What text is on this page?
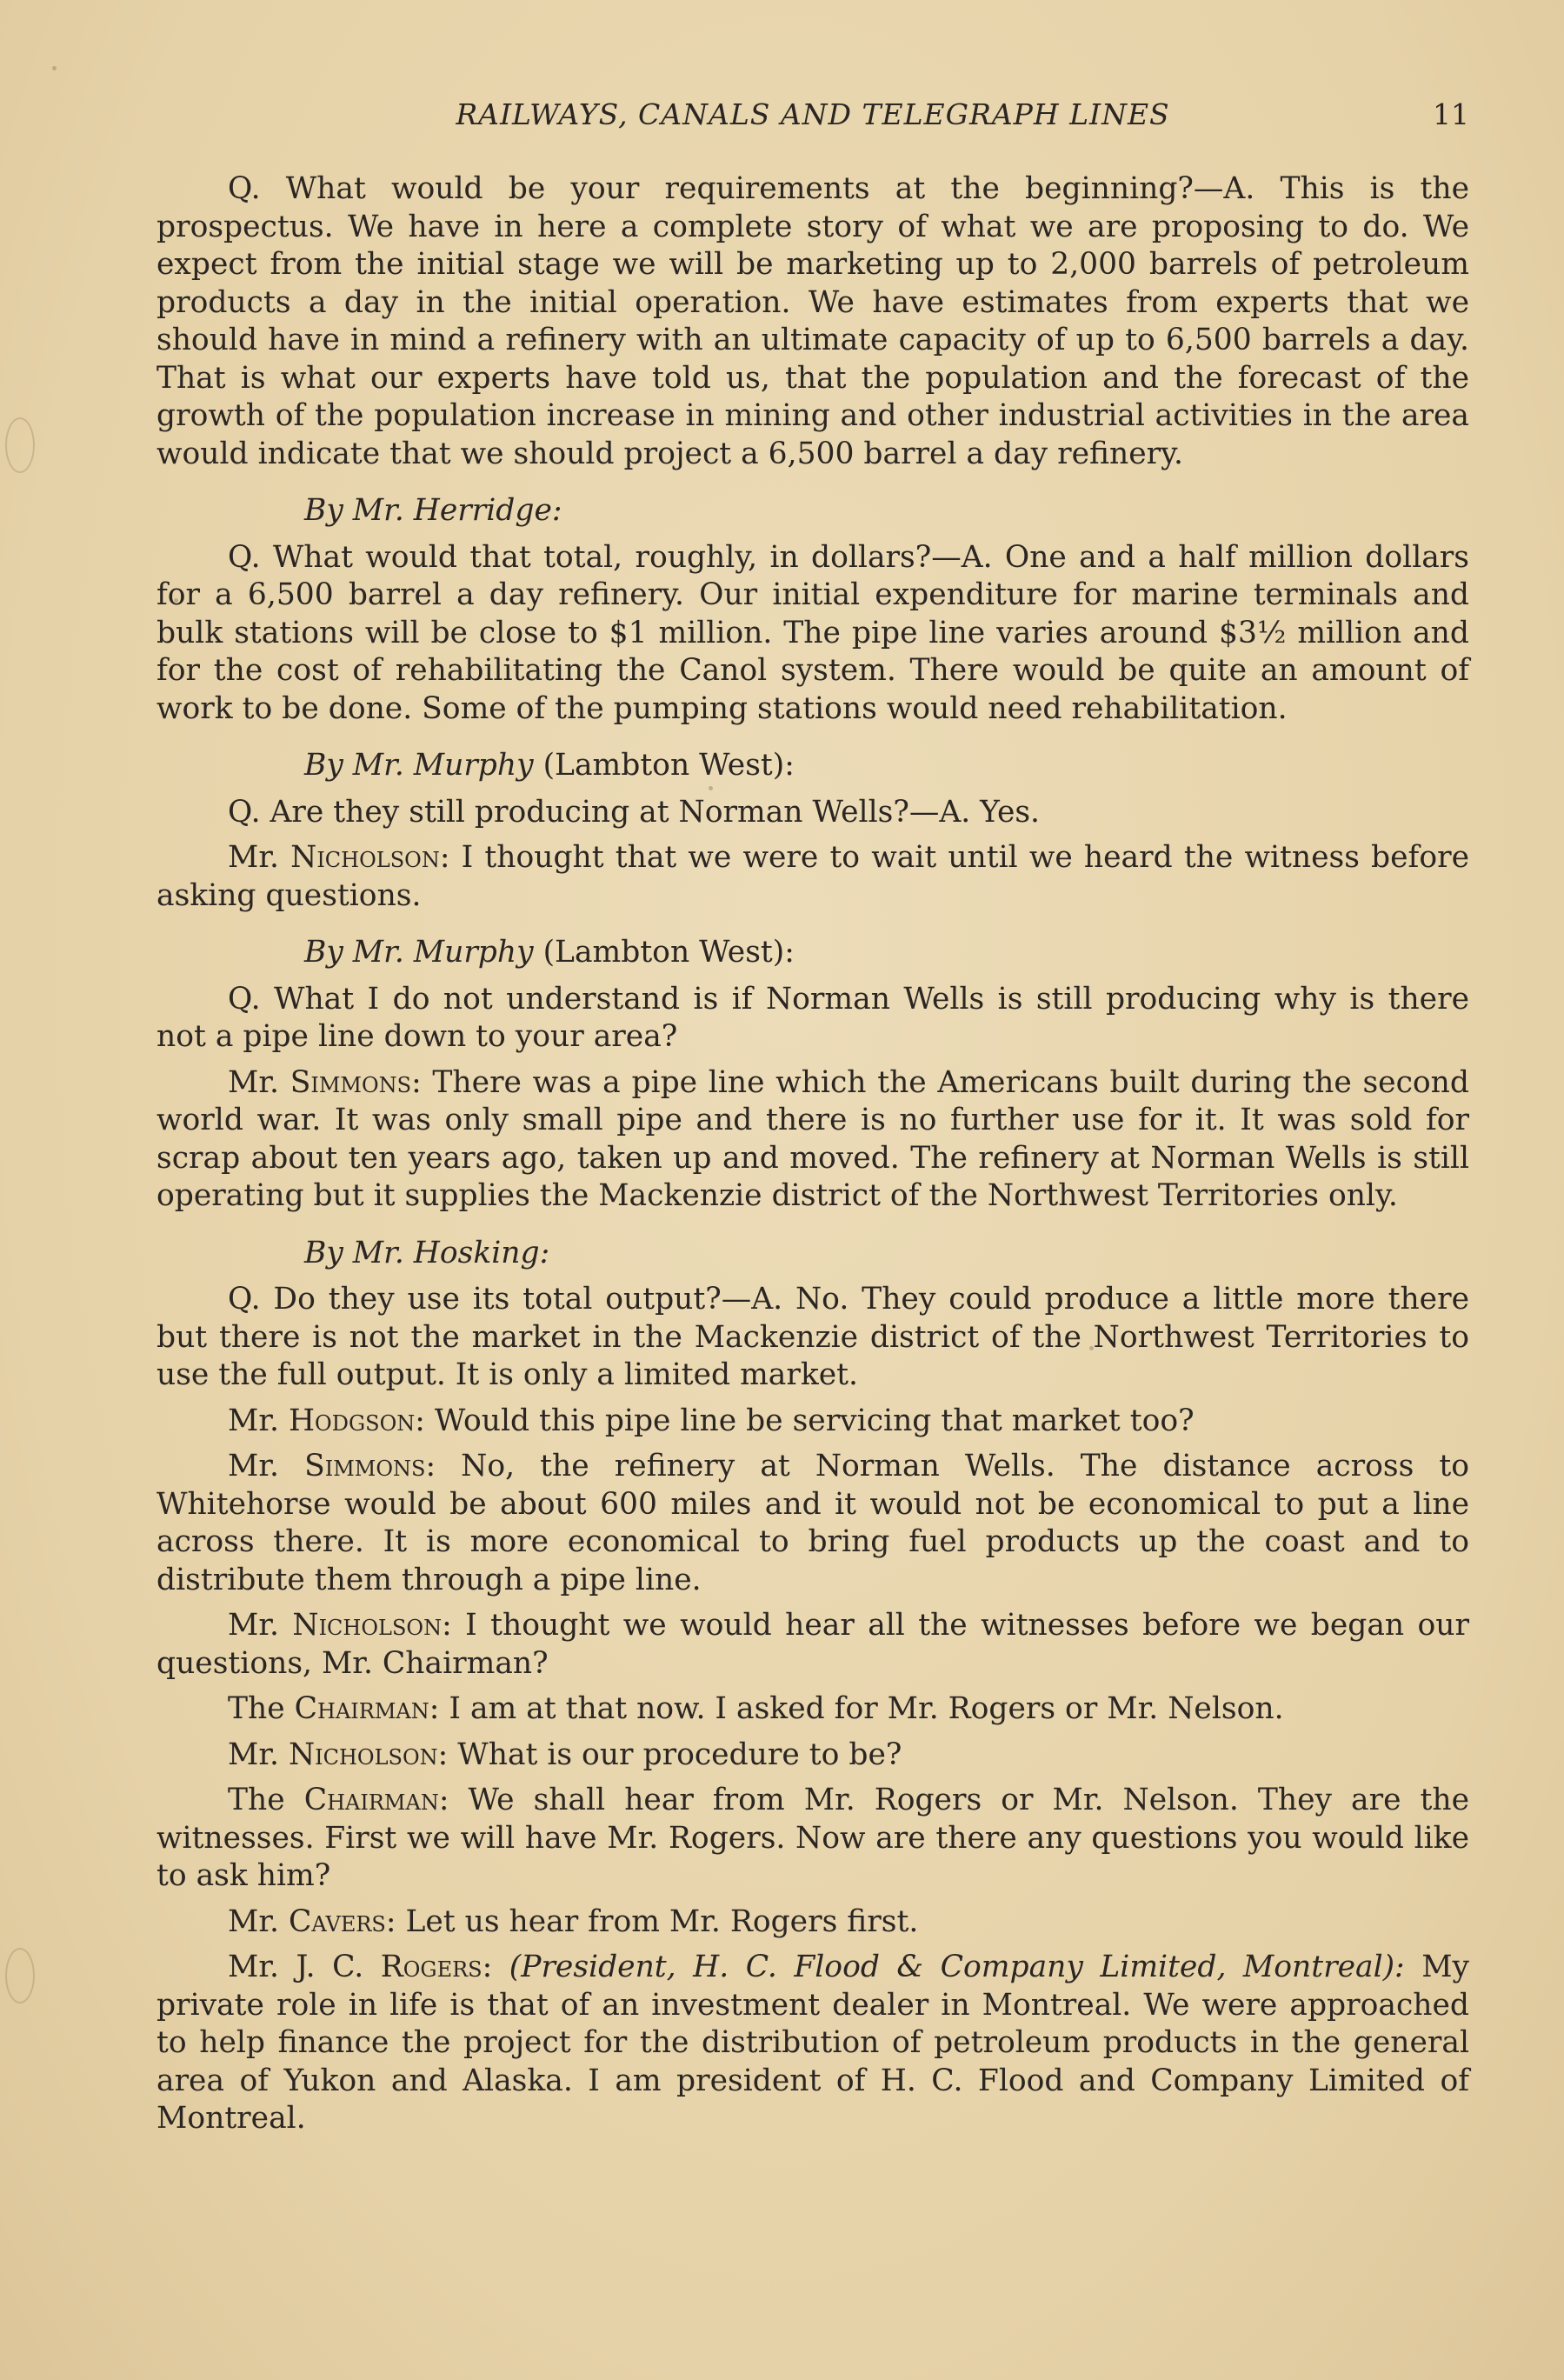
RAILWAYS, CANALS AND TELEGRAPH LINES	11

Q. What would be your requirements at the beginning?—A. This is the prospectus. We have in here a complete story of what we are proposing to do. We expect from the initial stage we will be marketing up to 2,000 barrels of petroleum products a day in the initial operation. We have estimates from experts that we should have in mind a refinery with an ultimate capacity of up to 6,500 barrels a day. That is what our experts have told us, that the population and the forecast of the growth of the population increase in mining and other industrial activities in the area would indicate that we should project a 6,500 barrel a day refinery.

By Mr. Herridge:

Q. What would that total, roughly, in dollars?—A. One and a half million dollars for a 6,500 barrel a day refinery. Our initial expenditure for marine terminals and bulk stations will be close to $1 million. The pipe line varies around $3½ million and for the cost of rehabilitating the Canol system. There would be quite an amount of work to be done. Some of the pumping stations would need rehabilitation.

By Mr. Murphy (Lambton West):

Q. Are they still producing at Norman Wells?—A. Yes.

Mr. Nicholson: I thought that we were to wait until we heard the witness before asking questions.

By Mr. Murphy (Lambton West):

Q. What I do not understand is if Norman Wells is still producing why is there not a pipe line down to your area?

Mr. Simmons: There was a pipe line which the Americans built during the second world war. It was only small pipe and there is no further use for it. It was sold for scrap about ten years ago, taken up and moved. The refinery at Norman Wells is still operating but it supplies the Mackenzie district of the Northwest Territories only.

By Mr. Hosking:

Q. Do they use its total output?—A. No. They could produce a little more there but there is not the market in the Mackenzie district of the Northwest Territories to use the full output. It is only a limited market.

Mr. Hodgson: Would this pipe line be servicing that market too?

Mr. Simmons: No, the refinery at Norman Wells. The distance across to Whitehorse would be about 600 miles and it would not be economical to put a line across there. It is more economical to bring fuel products up the coast and to distribute them through a pipe line.

Mr. Nicholson: I thought we would hear all the witnesses before we began our questions, Mr. Chairman?

The Chairman: I am at that now. I asked for Mr. Rogers or Mr. Nelson.

Mr. Nicholson: What is our procedure to be?

The Chairman: We shall hear from Mr. Rogers or Mr. Nelson. They are the witnesses. First we will have Mr. Rogers. Now are there any questions you would like to ask him?

Mr. Cavers: Let us hear from Mr. Rogers first.

Mr. J. C. Rogers: (President, H. C. Flood & Company Limited, Montreal): My private role in life is that of an investment dealer in Montreal. We were approached to help finance the project for the distribution of petroleum products in the general area of Yukon and Alaska. I am president of H. C. Flood and Company Limited of Montreal.
